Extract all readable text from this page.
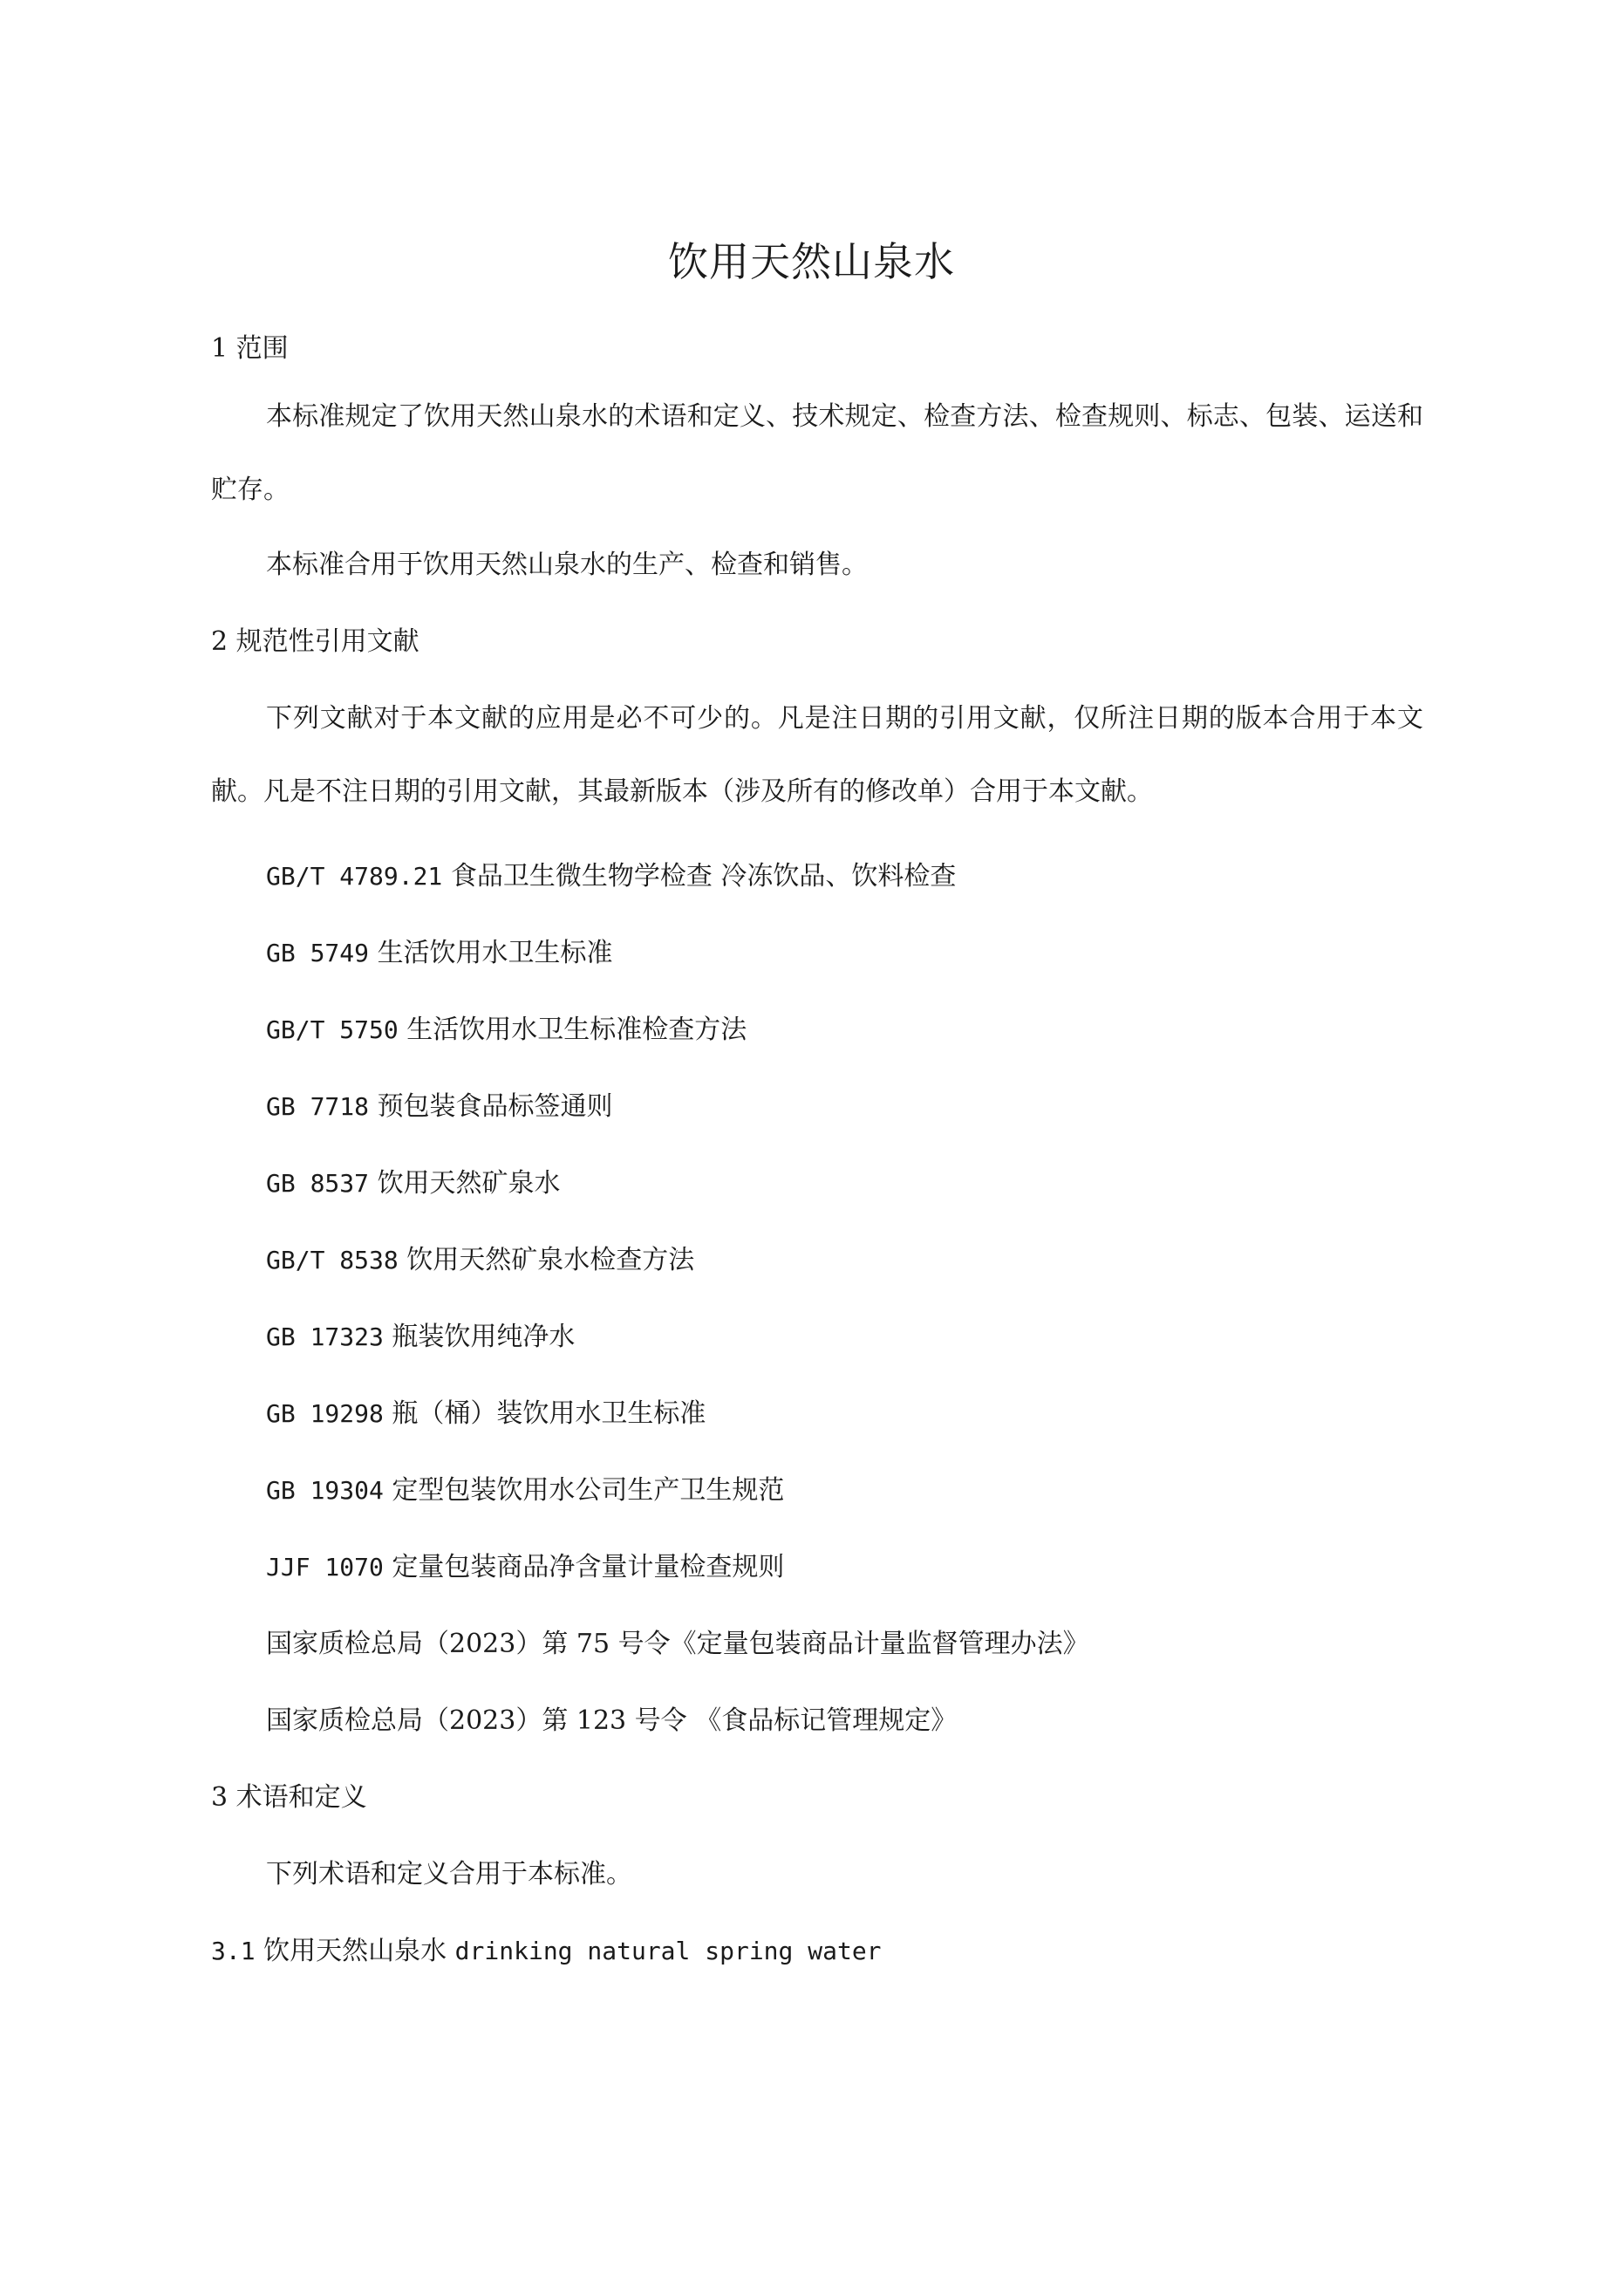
饮用天然山泉水
1 范围
本标准规定了饮用天然山泉水的术语和定义、技术规定、检查方法、检查规则、标志、包装、运送和贮存。
本标准合用于饮用天然山泉水的生产、检查和销售。
2 规范性引用文献
下列文献对于本文献的应用是必不可少的。凡是注日期的引用文献，仅所注日期的版本合用于本文献。凡是不注日期的引用文献，其最新版本（涉及所有的修改单）合用于本文献。
GB/T 4789.21 食品卫生微生物学检查 冷冻饮品、饮料检查
GB 5749 生活饮用水卫生标准
GB/T 5750 生活饮用水卫生标准检查方法
GB 7718 预包装食品标签通则
GB 8537 饮用天然矿泉水
GB/T 8538 饮用天然矿泉水检查方法
GB 17323 瓶装饮用纯净水
GB 19298 瓶（桶）装饮用水卫生标准
GB 19304 定型包装饮用水公司生产卫生规范
JJF 1070 定量包装商品净含量计量检查规则
国家质检总局（2023）第 75 号令《定量包装商品计量监督管理办法》
国家质检总局（2023）第 123 号令 《食品标记管理规定》
3 术语和定义
下列术语和定义合用于本标准。
3.1 饮用天然山泉水 drinking natural spring water
